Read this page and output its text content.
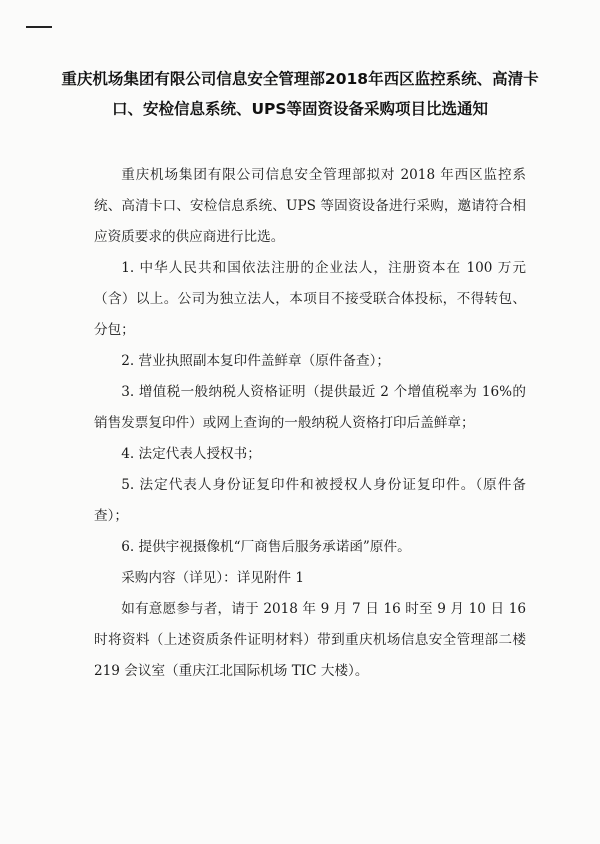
重庆机场集团有限公司信息安全管理部2018年西区监控系统、高清卡口、安检信息系统、UPS等固资设备采购项目比选通知

重庆机场集团有限公司信息安全管理部拟对 2018 年西区监控系统、高清卡口、安检信息系统、UPS 等固资设备进行采购，邀请符合相应资质要求的供应商进行比选。

1. 中华人民共和国依法注册的企业法人，注册资本在 100 万元（含）以上。公司为独立法人，本项目不接受联合体投标，不得转包、分包；

2. 营业执照副本复印件盖鲜章（原件备查）；

3. 增值税一般纳税人资格证明（提供最近 2 个增值税率为 16%的销售发票复印件）或网上查询的一般纳税人资格打印后盖鲜章；

4. 法定代表人授权书；

5. 法定代表人身份证复印件和被授权人身份证复印件。（原件备查）；

6. 提供宇视摄像机“厂商售后服务承诺函”原件。

采购内容（详见）：详见附件 1

如有意愿参与者，请于 2018 年 9 月 7 日 16 时至 9 月 10 日 16 时将资料（上述资质条件证明材料）带到重庆机场信息安全管理部二楼 219 会议室（重庆江北国际机场 TIC 大楼）。
